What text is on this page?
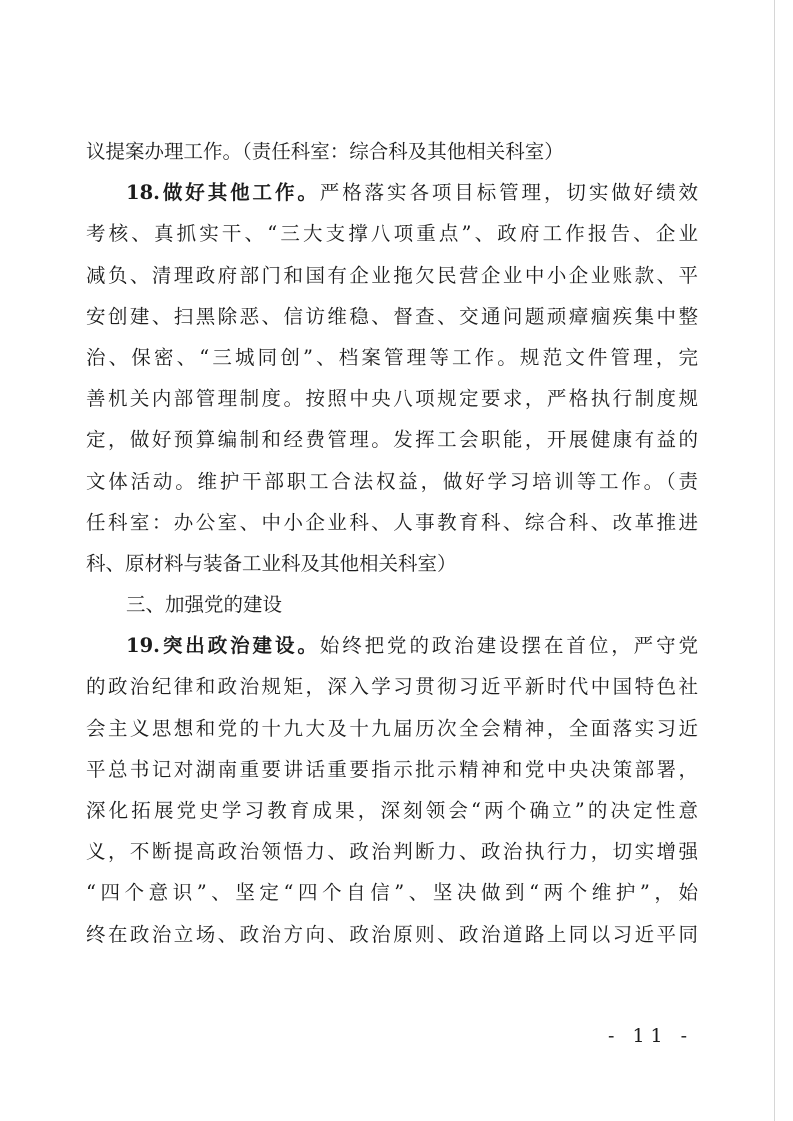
议提案办理工作。（责任科室：综合科及其他相关科室）
18.做好其他工作。严格落实各项目标管理，切实做好绩效
考核、真抓实干、“三大支撑八项重点”、政府工作报告、企业
减负、清理政府部门和国有企业拖欠民营企业中小企业账款、平
安创建、扫黑除恶、信访维稳、督查、交通问题顽瘴痼疾集中整
治、保密、“三城同创”、档案管理等工作。规范文件管理，完
善机关内部管理制度。按照中央八项规定要求，严格执行制度规
定，做好预算编制和经费管理。发挥工会职能，开展健康有益的
文体活动。维护干部职工合法权益，做好学习培训等工作。（责
任科室：办公室、中小企业科、人事教育科、综合科、改革推进
科、原材料与装备工业科及其他相关科室）
三、加强党的建设
19.突出政治建设。始终把党的政治建设摆在首位，严守党
的政治纪律和政治规矩，深入学习贯彻习近平新时代中国特色社
会主义思想和党的十九大及十九届历次全会精神，全面落实习近
平总书记对湖南重要讲话重要指示批示精神和党中央决策部署，
深化拓展党史学习教育成果，深刻领会“两个确立”的决定性意
义，不断提高政治领悟力、政治判断力、政治执行力，切实增强
“四个意识”、坚定“四个自信”、坚决做到“两个维护”，始
终在政治立场、政治方向、政治原则、政治道路上同以习近平同
- 11 -
